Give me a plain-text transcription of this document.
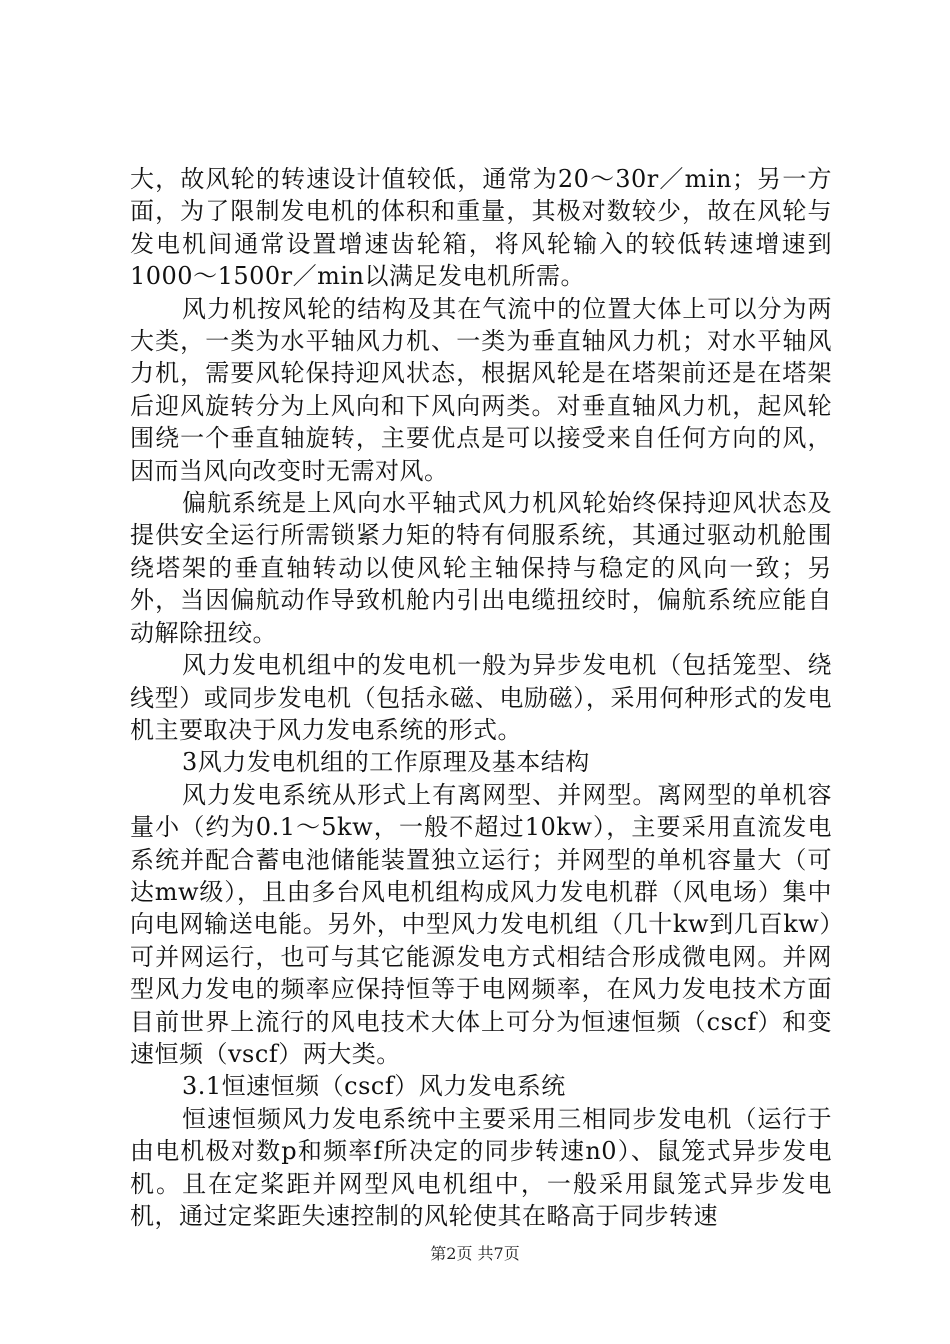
大，故风轮的转速设计值较低，通常为20～30r／min；另一方面，为了限制发电机的体积和重量，其极对数较少，故在风轮与发电机间通常设置增速齿轮箱，将风轮输入的较低转速增速到1000～1500r／min以满足发电机所需。

风力机按风轮的结构及其在气流中的位置大体上可以分为两大类，一类为水平轴风力机、一类为垂直轴风力机；对水平轴风力机，需要风轮保持迎风状态，根据风轮是在塔架前还是在塔架后迎风旋转分为上风向和下风向两类。对垂直轴风力机，起风轮围绕一个垂直轴旋转，主要优点是可以接受来自任何方向的风，因而当风向改变时无需对风。

偏航系统是上风向水平轴式风力机风轮始终保持迎风状态及提供安全运行所需锁紧力矩的特有伺服系统，其通过驱动机舱围绕塔架的垂直轴转动以使风轮主轴保持与稳定的风向一致；另外，当因偏航动作导致机舱内引出电缆扭绞时，偏航系统应能自动解除扭绞。

风力发电机组中的发电机一般为异步发电机（包括笼型、绕线型）或同步发电机（包括永磁、电励磁），采用何种形式的发电机主要取决于风力发电系统的形式。

3风力发电机组的工作原理及基本结构

风力发电系统从形式上有离网型、并网型。离网型的单机容量小（约为0.1～5kw，一般不超过10kw），主要采用直流发电系统并配合蓄电池储能装置独立运行；并网型的单机容量大（可达mw级），且由多台风电机组构成风力发电机群（风电场）集中向电网输送电能。另外，中型风力发电机组（几十kw到几百kw）可并网运行，也可与其它能源发电方式相结合形成微电网。并网型风力发电的频率应保持恒等于电网频率，在风力发电技术方面目前世界上流行的风电技术大体上可分为恒速恒频（cscf）和变速恒频（vscf）两大类。

3.1恒速恒频（cscf）风力发电系统

恒速恒频风力发电系统中主要采用三相同步发电机（运行于由电机极对数p和频率f所决定的同步转速n0）、鼠笼式异步发电机。且在定桨距并网型风电机组中，一般采用鼠笼式异步发电机，通过定桨距失速控制的风轮使其在略高于同步转速

第2页 共7页
